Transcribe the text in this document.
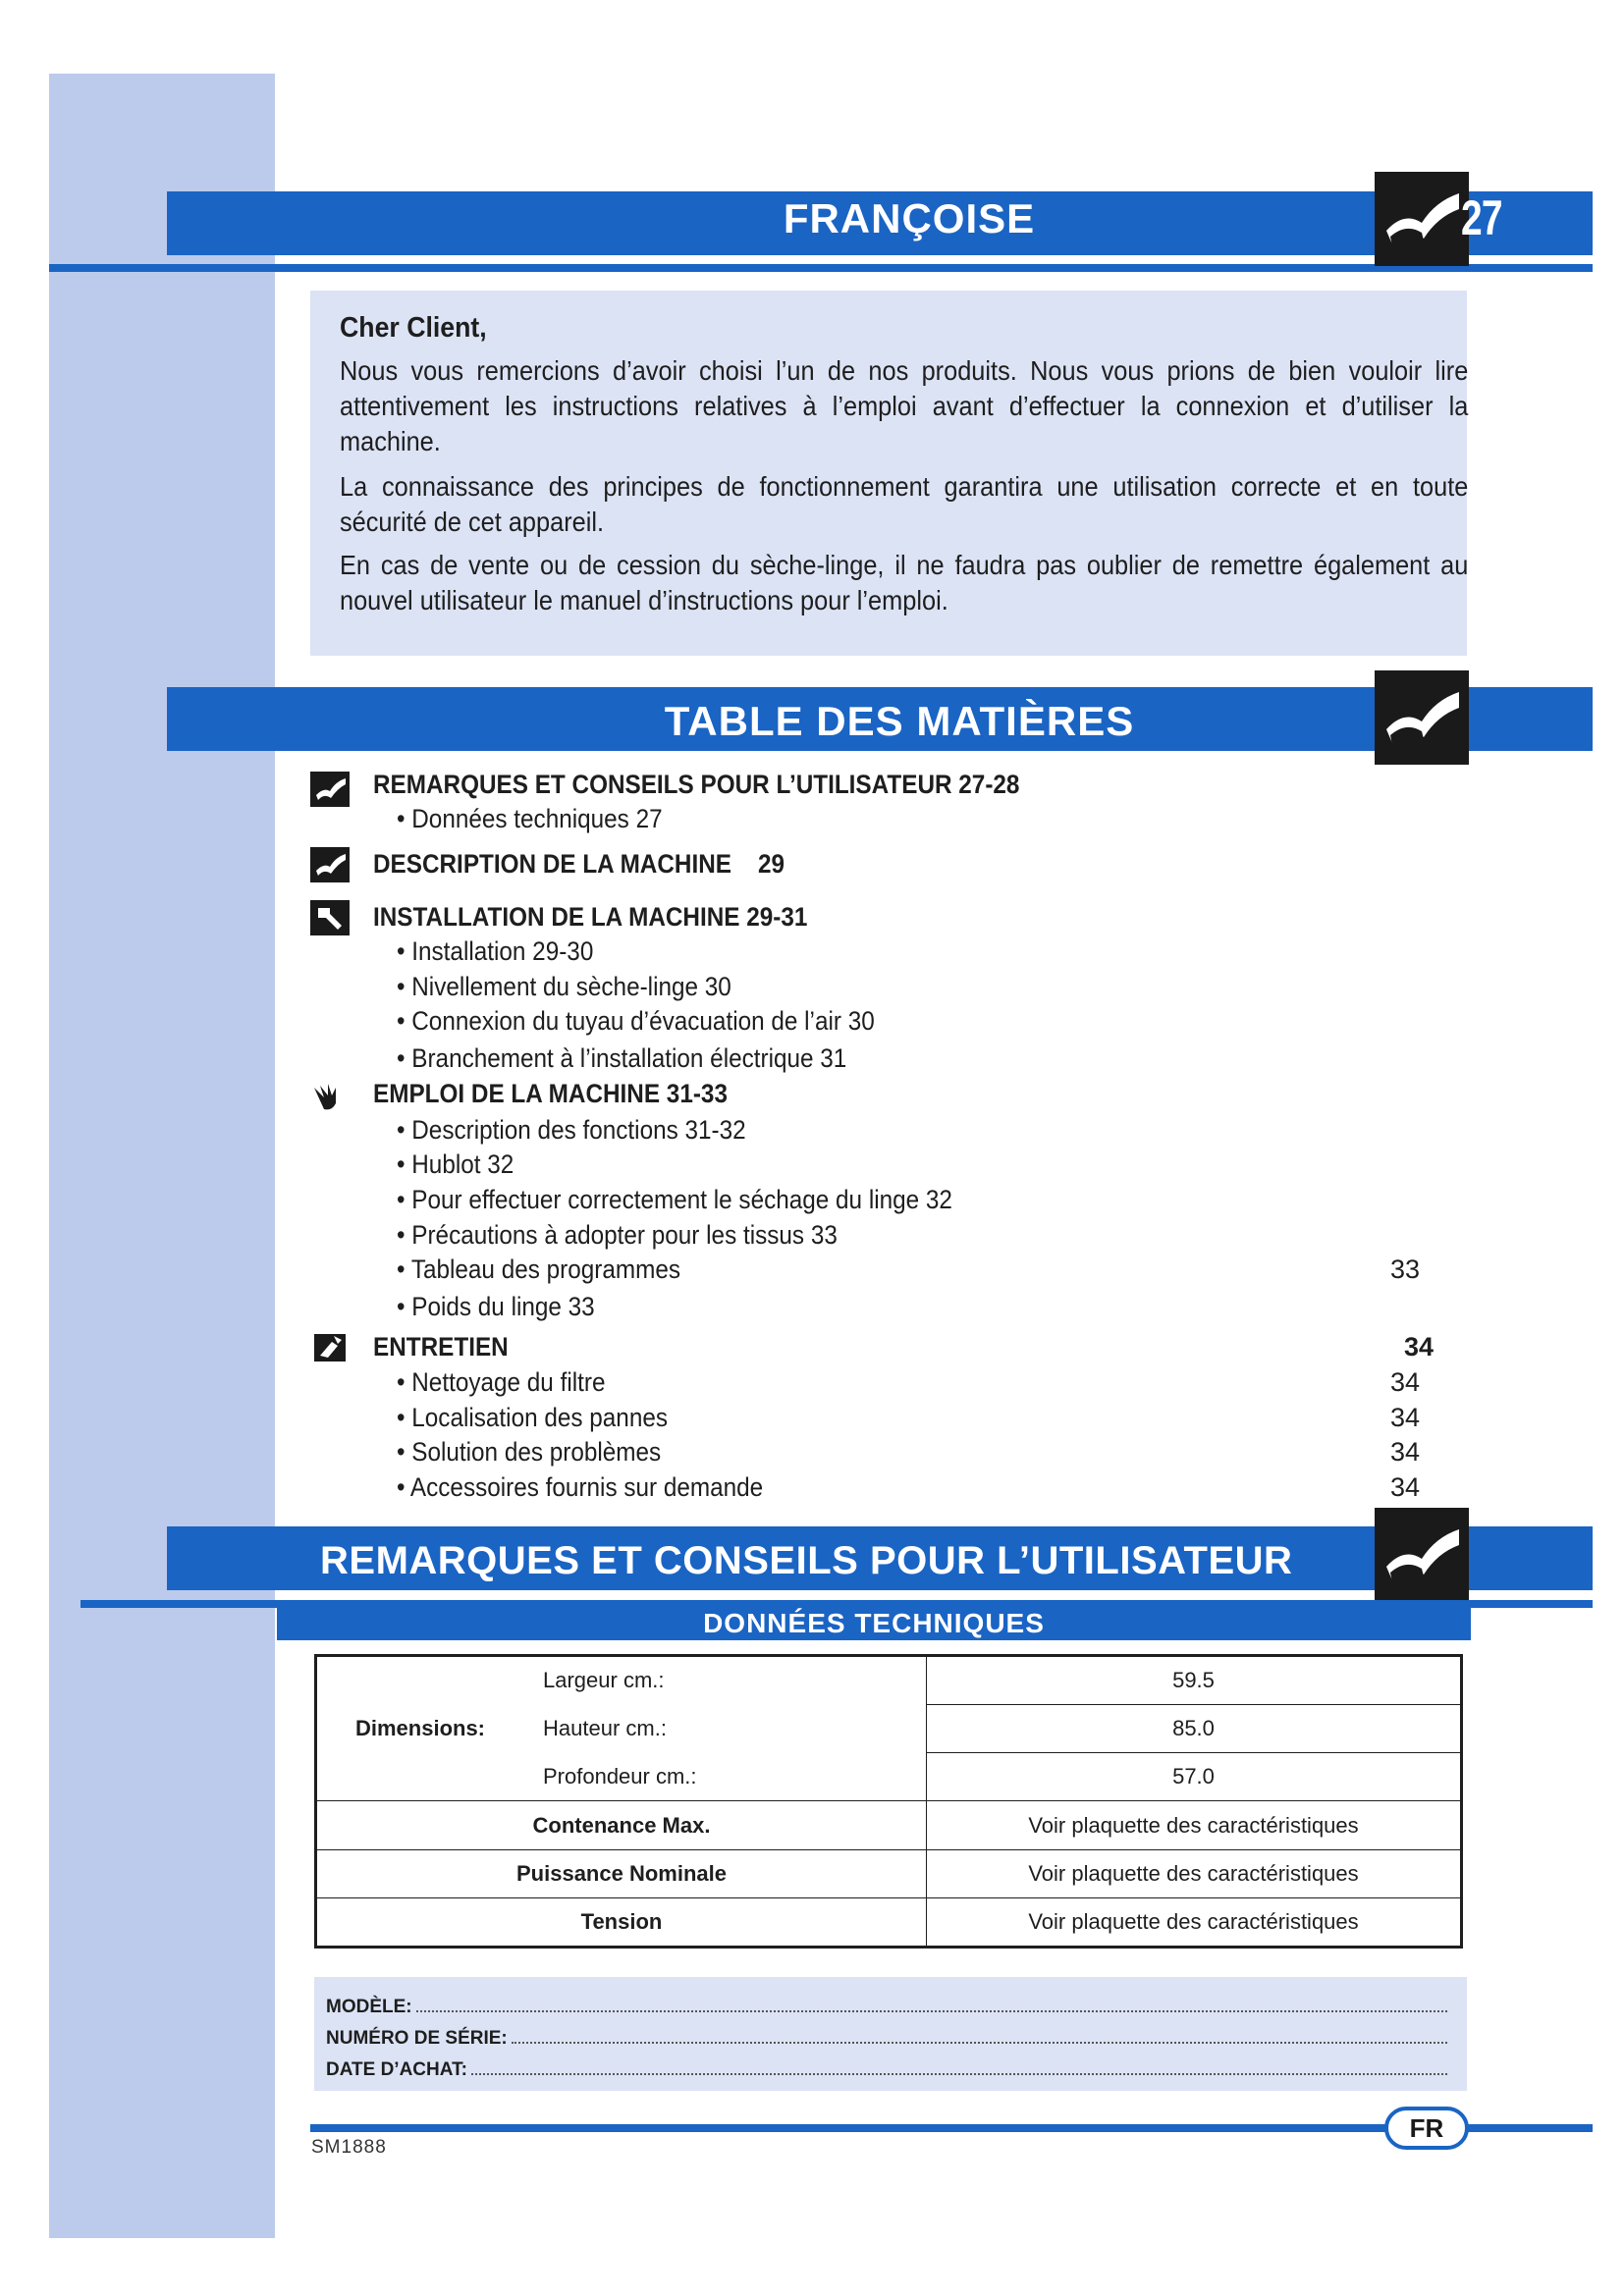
FRANÇOISE	27
Cher Client,

Nous vous remercions d’avoir choisi l’un de nos produits. Nous vous prions de bien vouloir lire attentivement les instructions relatives à l’emploi avant d’effectuer la connexion et d’utiliser la machine.

La connaissance des principes de fonctionnement garantira une utilisation correcte et en toute sécurité de cet appareil.

En cas de vente ou de cession du sèche-linge, il ne faudra pas oublier de remettre également au nouvel utilisateur le manuel d’instructions pour l’emploi.

TABLE DES MATIÈRES
REMARQUES ET CONSEILS POUR L’UTILISATEUR 27-28
• Données techniques 27
DESCRIPTION DE LA MACHINE    29
INSTALLATION DE LA MACHINE 29-31
• Installation 29-30
• Nivellement du sèche-linge 30
• Connexion du tuyau d’évacuation de l’air 30
• Branchement à l’installation électrique 31
EMPLOI DE LA MACHINE 31-33
• Description des fonctions 31-32
• Hublot 32
• Pour effectuer correctement le séchage du linge 32
• Précautions à adopter pour les tissus 33
• Tableau des programmes	33
• Poids du linge 33
ENTRETIEN	34
• Nettoyage du filtre	34
• Localisation des pannes	34
• Solution des problèmes	34
• Accessoires fournis sur demande	34
REMARQUES ET CONSEILS POUR L’UTILISATEUR
DONNÉES TECHNIQUES
Dimensions:	Largeur cm.:	59.5
	Hauteur cm.:	85.0
	Profondeur cm.:	57.0
Contenance Max.		Voir plaquette des caractéristiques
Puissance Nominale		Voir plaquette des caractéristiques
Tension		Voir plaquette des caractéristiques
MODÈLE:
NUMÉRO DE SÉRIE:
DATE D’ACHAT:
FR
SM1888
